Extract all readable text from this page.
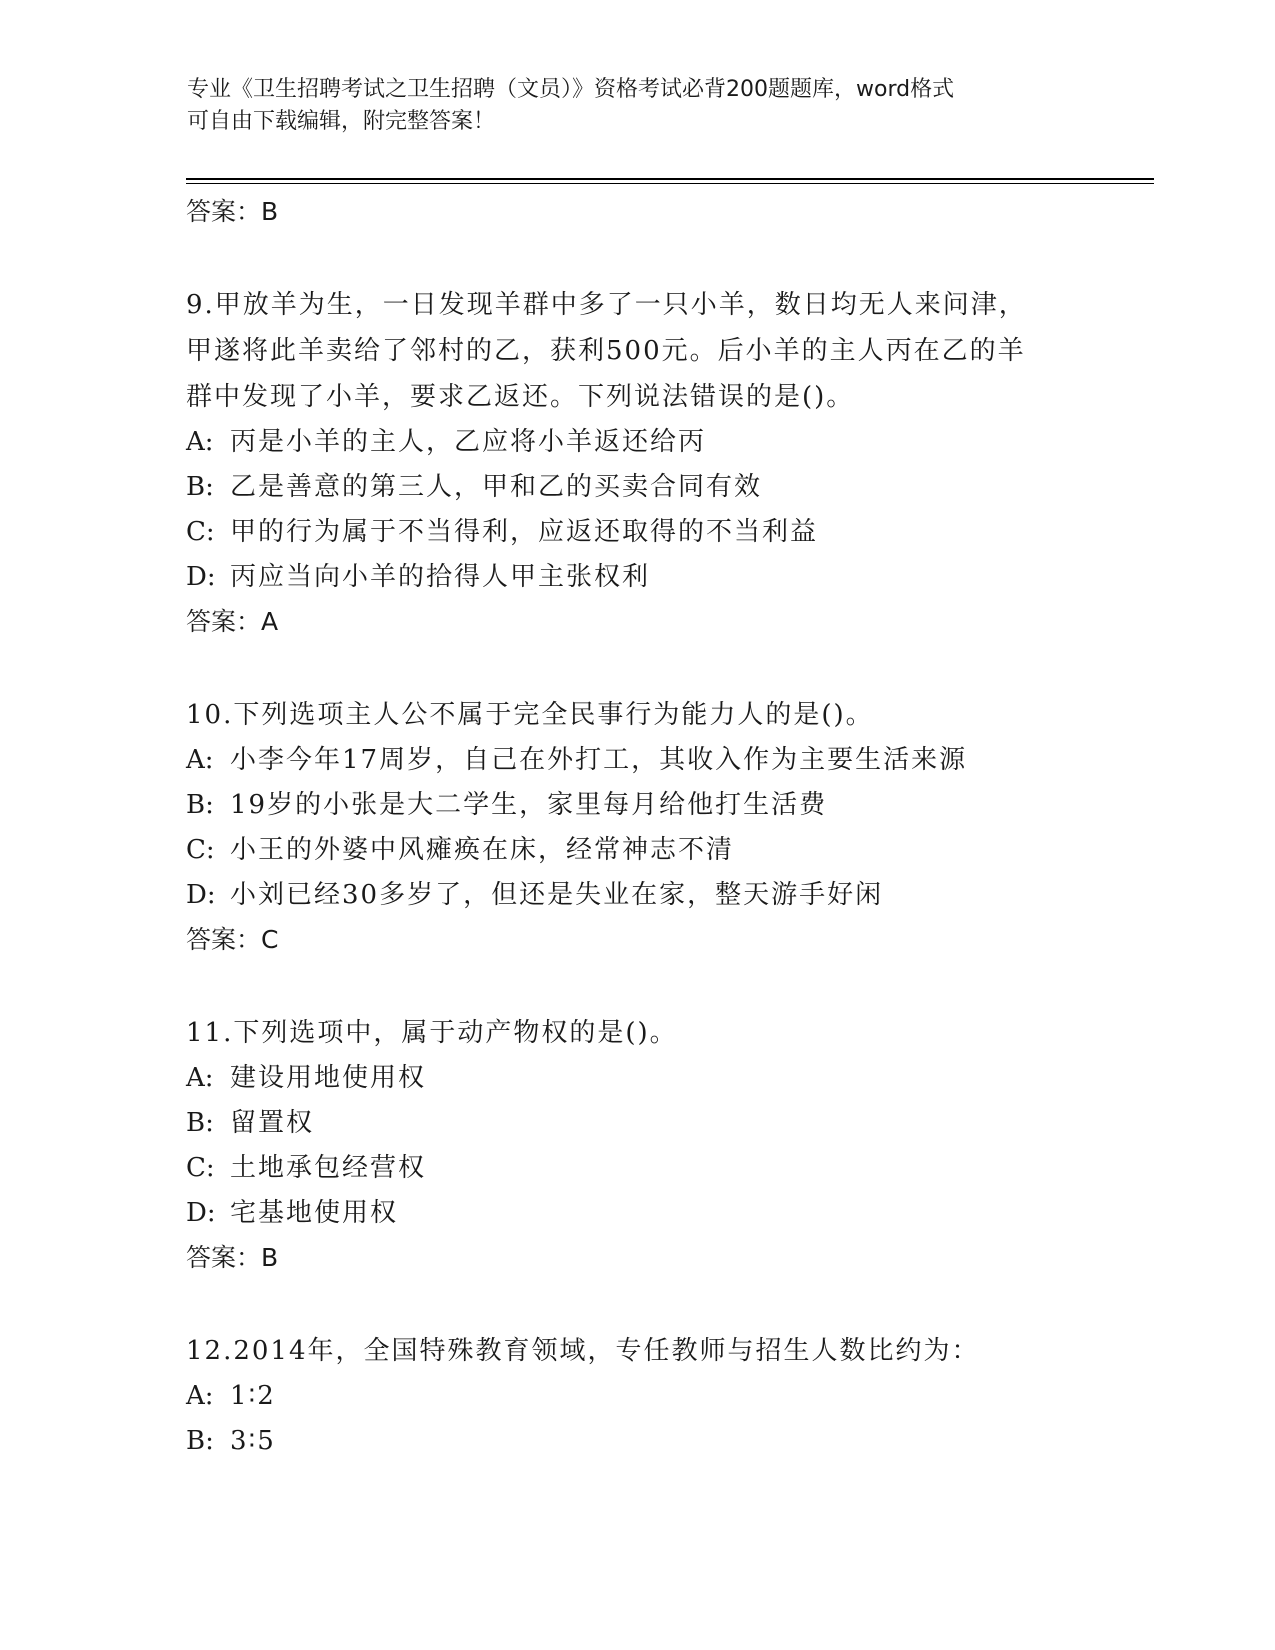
专业《卫生招聘考试之卫生招聘（文员）》资格考试必背200题题库，word格式
可自由下载编辑，附完整答案！
答案：B
9.甲放羊为生，一日发现羊群中多了一只小羊，数日均无人来问津，
甲遂将此羊卖给了邻村的乙，获利500元。后小羊的主人丙在乙的羊
群中发现了小羊，要求乙返还。下列说法错误的是()。
A: 丙是小羊的主人，乙应将小羊返还给丙
B: 乙是善意的第三人，甲和乙的买卖合同有效
C: 甲的行为属于不当得利，应返还取得的不当利益
D: 丙应当向小羊的拾得人甲主张权利
答案：A
10.下列选项主人公不属于完全民事行为能力人的是()。
A: 小李今年17周岁，自己在外打工，其收入作为主要生活来源
B: 19岁的小张是大二学生，家里每月给他打生活费
C: 小王的外婆中风瘫痪在床，经常神志不清
D: 小刘已经30多岁了，但还是失业在家，整天游手好闲
答案：C
11.下列选项中，属于动产物权的是()。
A: 建设用地使用权
B: 留置权
C: 土地承包经营权
D: 宅基地使用权
答案：B
12.2014年，全国特殊教育领域，专任教师与招生人数比约为：
A: 1∶2
B: 3∶5
